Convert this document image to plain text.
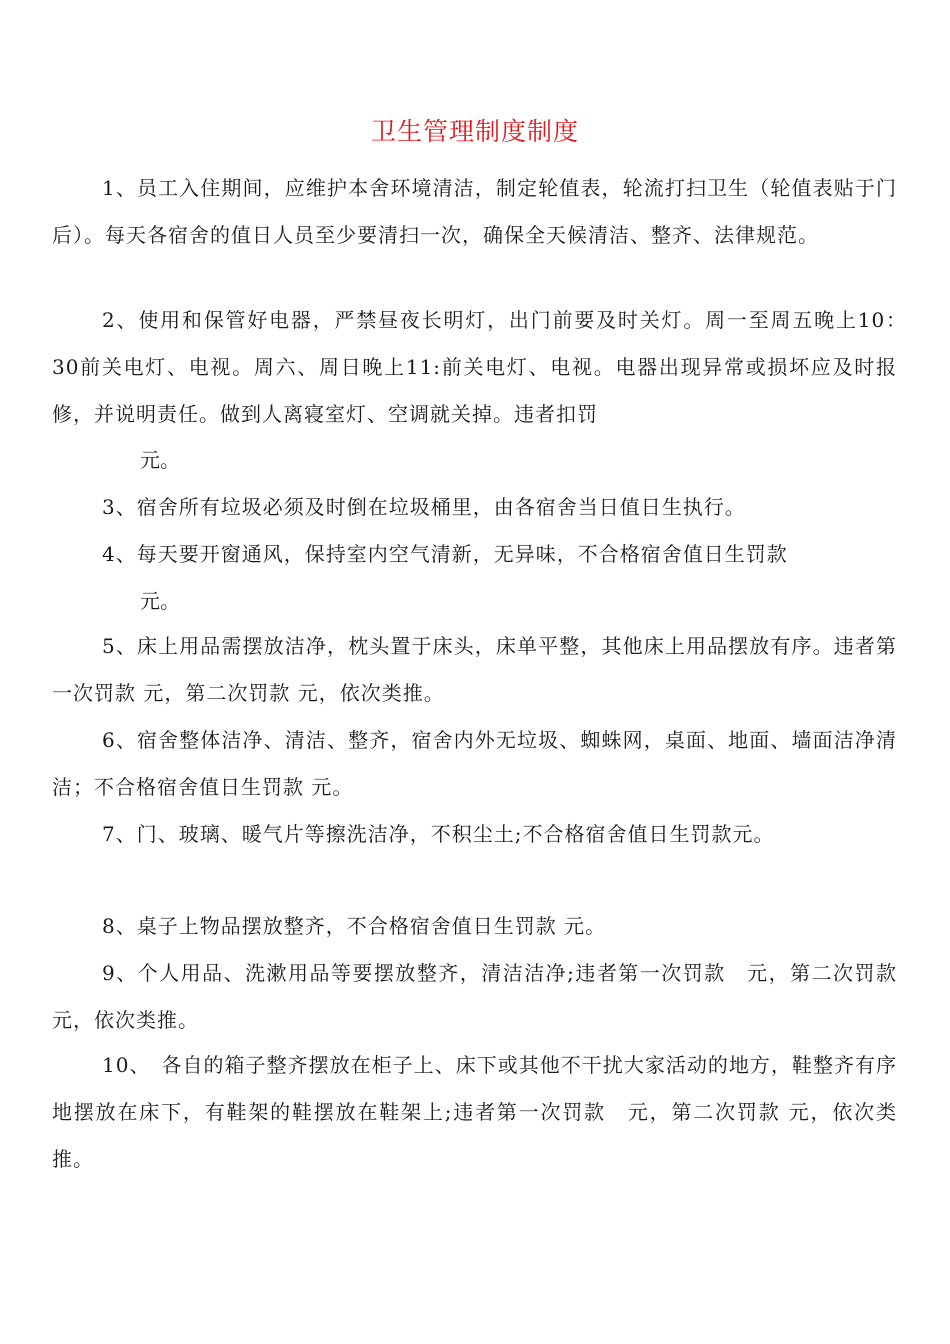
卫生管理制度制度
1、员工入住期间，应维护本舍环境清洁，制定轮值表，轮流打扫卫生（轮值表贴于门后）。每天各宿舍的值日人员至少要清扫一次，确保全天候清洁、整齐、法律规范。
2、使用和保管好电器，严禁昼夜长明灯，出门前要及时关灯。周一至周五晚上10：　30前关电灯、电视。周六、周日晚上11:前关电灯、电视。电器出现异常或损坏应及时报修，并说明责任。做到人离寝室灯、空调就关掉。违者扣罚
元。
3、宿舍所有垃圾必须及时倒在垃圾桶里，由各宿舍当日值日生执行。
4、每天要开窗通风，保持室内空气清新，无异味，不合格宿舍值日生罚款
元。
5、床上用品需摆放洁净，枕头置于床头，床单平整，其他床上用品摆放有序。违者第一次罚款 元，第二次罚款 元，依次类推。
6、宿舍整体洁净、清洁、整齐，宿舍内外无垃圾、蜘蛛网，桌面、地面、墙面洁净清洁；不合格宿舍值日生罚款 元。
7、门、玻璃、暖气片等擦洗洁净，不积尘土;不合格宿舍值日生罚款元。
8、桌子上物品摆放整齐，不合格宿舍值日生罚款 元。
9、个人用品、洗漱用品等要摆放整齐，清洁洁净;违者第一次罚款　元，第二次罚款 元，依次类推。
10、　各自的箱子整齐摆放在柜子上、床下或其他不干扰大家活动的地方，鞋整齐有序地摆放在床下，有鞋架的鞋摆放在鞋架上;违者第一次罚款　元，第二次罚款 元，依次类推。
